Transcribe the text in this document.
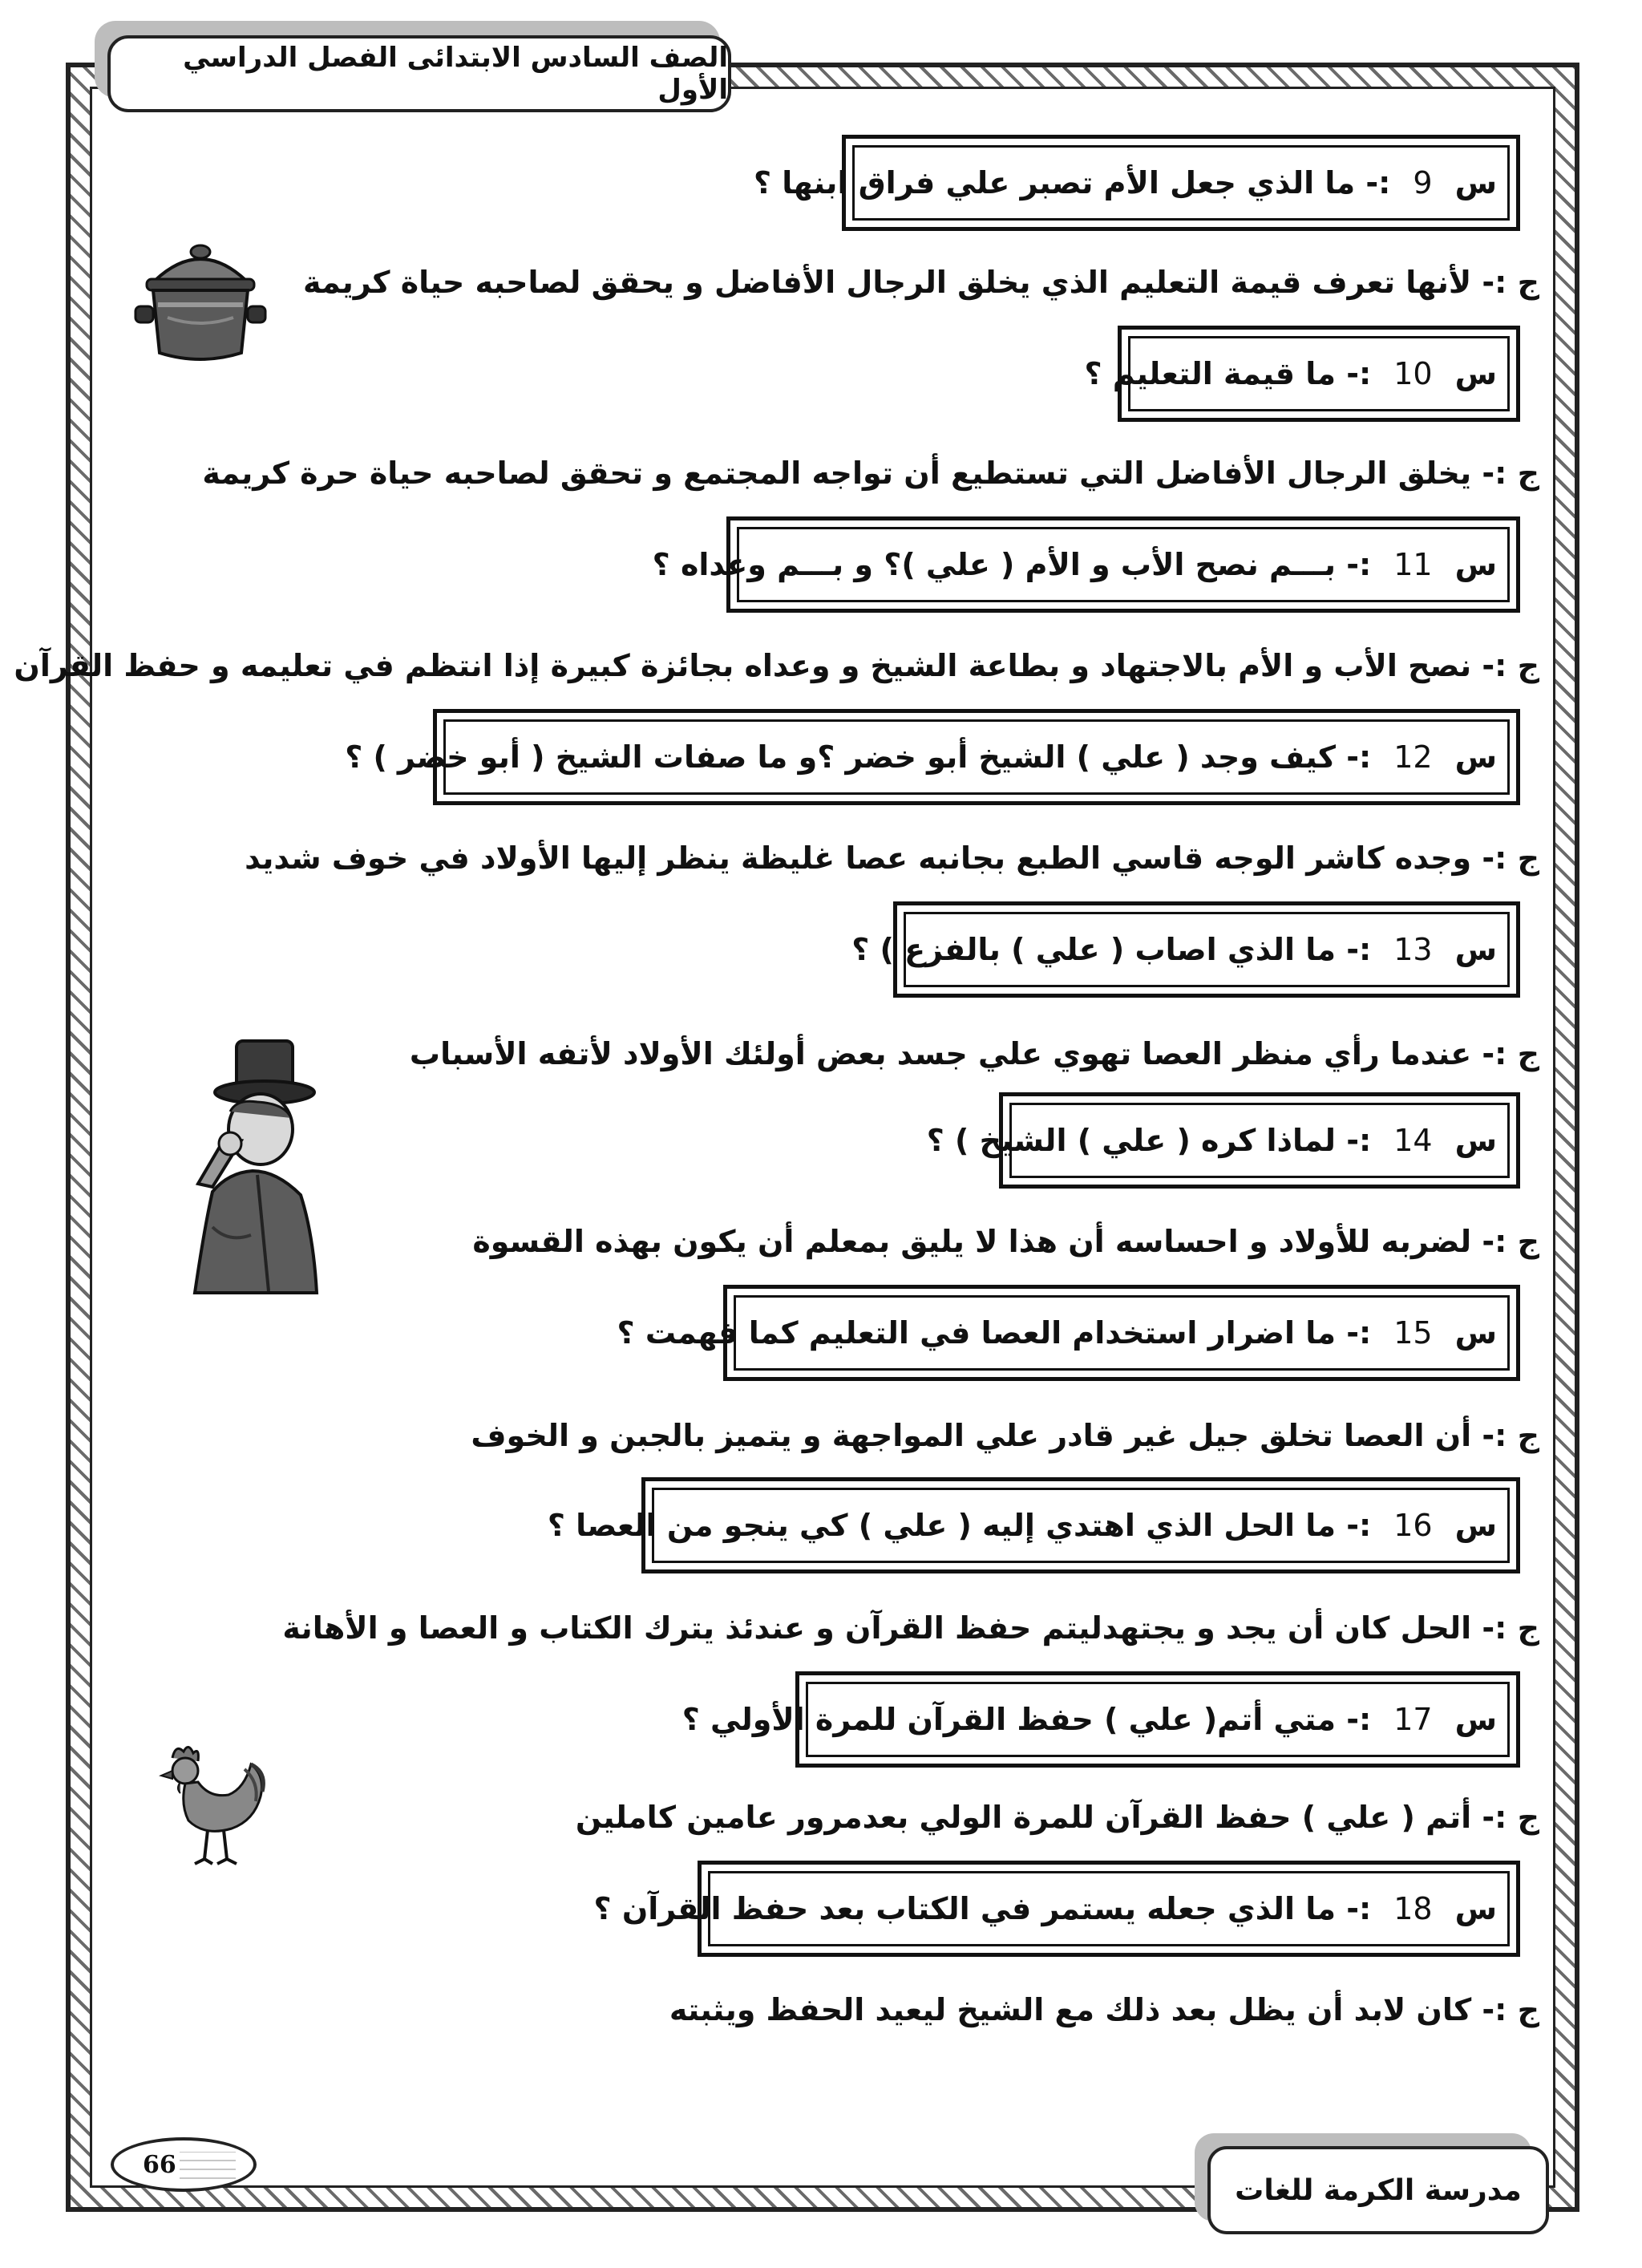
الصف السادس الابتدائى الفصل الدراسي الأول
س9:- ما الذي جعل الأم تصبر علي فراق ابنها ؟
ج :- لأنها تعرف قيمة التعليم الذي يخلق الرجال الأفاضل و يحقق لصاحبه حياة كريمة
س10:- ما قيمة التعليم ؟
ج :- يخلق الرجال الأفاضل التي تستطيع أن تواجه المجتمع و تحقق لصاحبه حياة حرة كريمة
س11:- بـــم نصح الأب و الأم ( علي )؟ و بـــم وعداه ؟
ج :- نصح الأب و الأم بالاجتهاد و بطاعة الشيخ و وعداه بجائزة كبيرة إذا انتظم في تعليمه و حفظ القرآن
س12:- كيف وجد ( علي ) الشيخ أبو خضر ؟و ما صفات الشيخ ( أبو خضر ) ؟
ج :- وجده كاشر الوجه قاسي الطبع بجانبه عصا غليظة ينظر إليها الأولاد في خوف شديد
س13:- ما الذي اصاب ( علي ) بالفزع ) ؟
ج :- عندما رأي منظر العصا تهوي علي جسد بعض أولئك الأولاد لأتفه الأسباب
س14:- لماذا كره ( علي ) الشيخ ) ؟
ج :- لضربه للأولاد و احساسه أن هذا لا يليق بمعلم أن يكون بهذه القسوة
س15:- ما اضرار استخدام العصا في التعليم كما فهمت ؟
ج :- أن العصا تخلق جيل غير قادر علي المواجهة و يتميز بالجبن و الخوف
س16:- ما الحل الذي اهتدي إليه ( علي ) كي ينجو من العصا ؟
ج :- الحل كان أن يجد و يجتهدليتم حفظ القرآن و عندئذ يترك الكتاب و العصا و الأهانة
س17:- متي أتم( علي ) حفظ القرآن للمرة الأولي ؟
ج :- أتم ( علي ) حفظ القرآن للمرة الولي بعدمرور عامين كاملين
س18:- ما الذي جعله يستمر في الكتاب بعد حفظ القرآن ؟
ج :- كان لابد أن يظل بعد ذلك مع الشيخ ليعيد الحفظ ويثبته
66
مدرسة الكرمة للغات
